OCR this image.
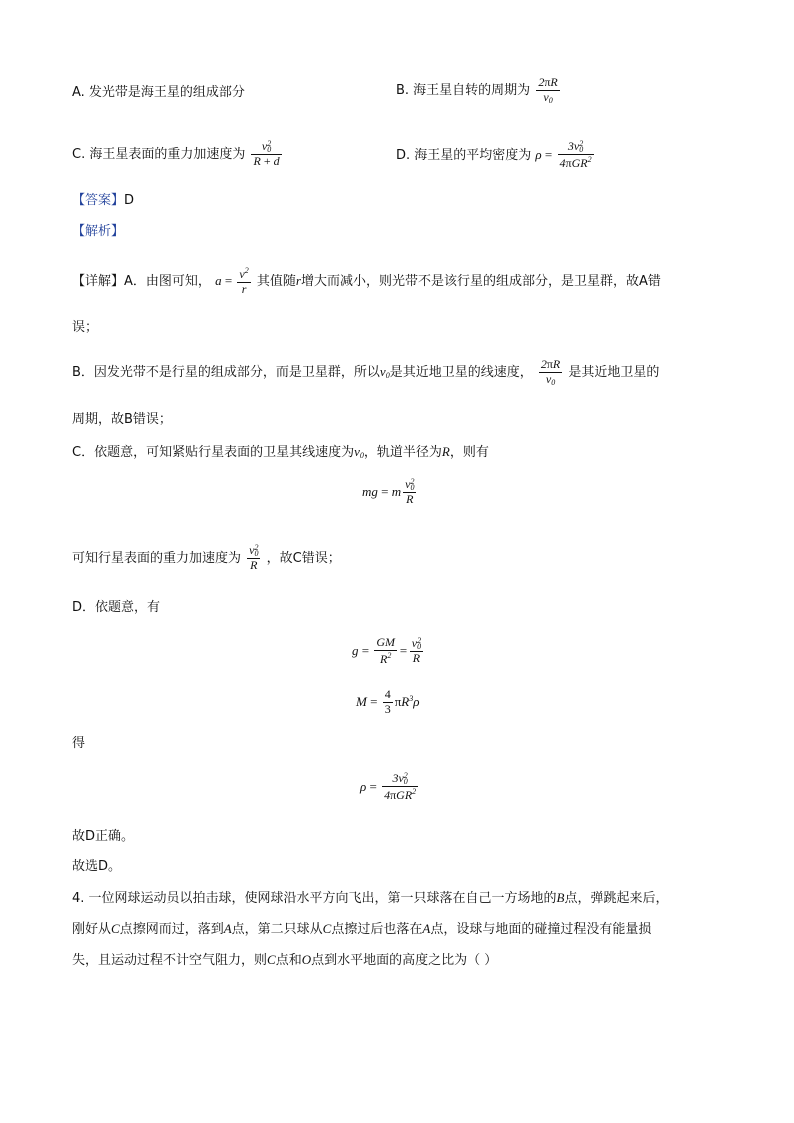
A. 发光带是海王星的组成部分	B. 海王星自转的周期为 $\frac{2\pi R}{v_0}$
C. 海王星表面的重力加速度为 v 2
0
R + d	D. 海王星的平均密度为 ρ = 3v 2
0
4πGR$^2$
【答案】D
【解析】
【详解】A．由图可知， $a = \frac{v^2}{r}$ 其值随r增大而减小，则光带不是该行星的组成部分，是卫星群，故A错
误；
B．因发光带不是行星的组成部分，而是卫星群，所以$v_0$是其近地卫星的线速度， $\frac{2\pi R}{v_0}$ 是其近地卫星的
周期，故B错误；
C．依题意，可知紧贴行星表面的卫星其线速度为$v_0$，轨道半径为R，则有
mg = m v 2
0
R
可知行星表面的重力加速度为 v 2
0
R ，故C错误；
D．依题意，有
$g = \frac{GM}{R^2} = v$ 2
0
R
$M = \frac{4}{3} \pi R^3\rho$
得
ρ = 3v 2
0
4πGR$^2$
故D正确。
故选D。
4. 一位网球运动员以拍击球，使网球沿水平方向飞出，第一只球落在自己一方场地的B点，弹跳起来后，
刚好从C点擦网而过，落到A点，第二只球从C点擦过后也落在A点，设球与地面的碰撞过程没有能量损
失，且运动过程不计空气阻力，则C点和O点到水平地面的高度之比为（ ）
